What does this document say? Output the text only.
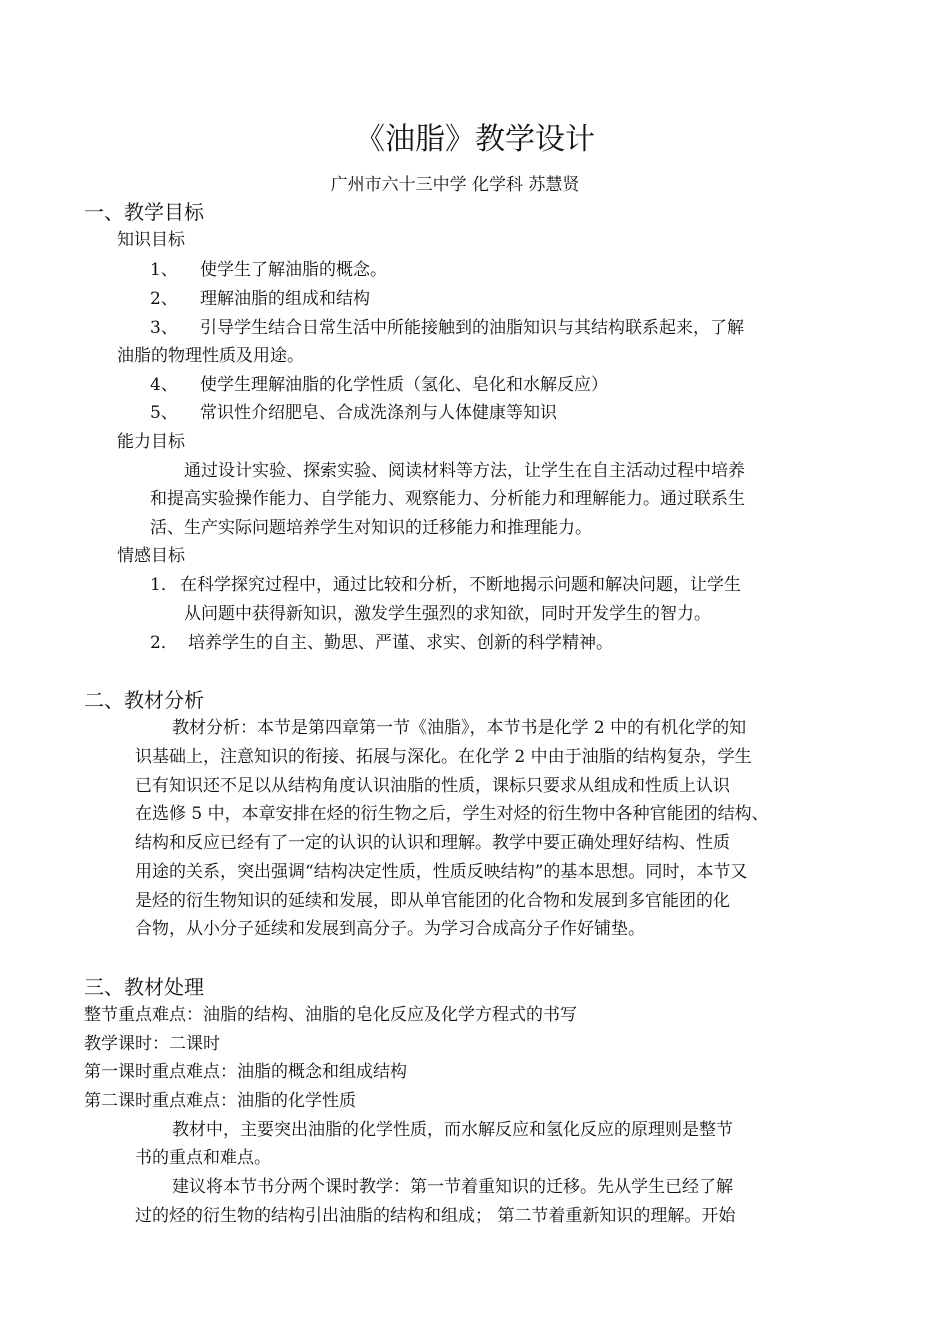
《油脂》教学设计
广州市六十三中学 化学科 苏慧贤
一、教学目标
知识目标
1、 使学生了解油脂的概念。
2、 理解油脂的组成和结构
3、 引导学生结合日常生活中所能接触到的油脂知识与其结构联系起来，了解
油脂的物理性质及用途。
4、 使学生理解油脂的化学性质（氢化、皂化和水解反应）
5、 常识性介绍肥皂、合成洗涤剂与人体健康等知识
能力目标
通过设计实验、探索实验、阅读材料等方法，让学生在自主活动过程中培养
和提高实验操作能力、自学能力、观察能力、分析能力和理解能力。通过联系生
活、生产实际问题培养学生对知识的迁移能力和推理能力。
情感目标
1． 在科学探究过程中，通过比较和分析，不断地揭示问题和解决问题，让学生
从问题中获得新知识，激发学生强烈的求知欲，同时开发学生的智力。
2． 培养学生的自主、勤思、严谨、求实、创新的科学精神。
二、教材分析
教材分析：本节是第四章第一节《油脂》，本节书是化学 2 中的有机化学的知
识基础上，注意知识的衔接、拓展与深化。在化学 2 中由于油脂的结构复杂，学生
已有知识还不足以从结构角度认识油脂的性质，课标只要求从组成和性质上认识
在选修 5 中，本章安排在烃的衍生物之后，学生对烃的衍生物中各种官能团的结构、
结构和反应已经有了一定的认识的认识和理解。教学中要正确处理好结构、性质
用途的关系，突出强调“结构决定性质，性质反映结构”的基本思想。同时，本节又
是烃的衍生物知识的延续和发展，即从单官能团的化合物和发展到多官能团的化
合物，从小分子延续和发展到高分子。为学习合成高分子作好铺垫。
三、教材处理
整节重点难点：油脂的结构、油脂的皂化反应及化学方程式的书写
教学课时：二课时
第一课时重点难点：油脂的概念和组成结构
第二课时重点难点：油脂的化学性质
教材中，主要突出油脂的化学性质，而水解反应和氢化反应的原理则是整节
书的重点和难点。
建议将本节书分两个课时教学：第一节着重知识的迁移。先从学生已经了解
过的烃的衍生物的结构引出油脂的结构和组成； 第二节着重新知识的理解。开始
